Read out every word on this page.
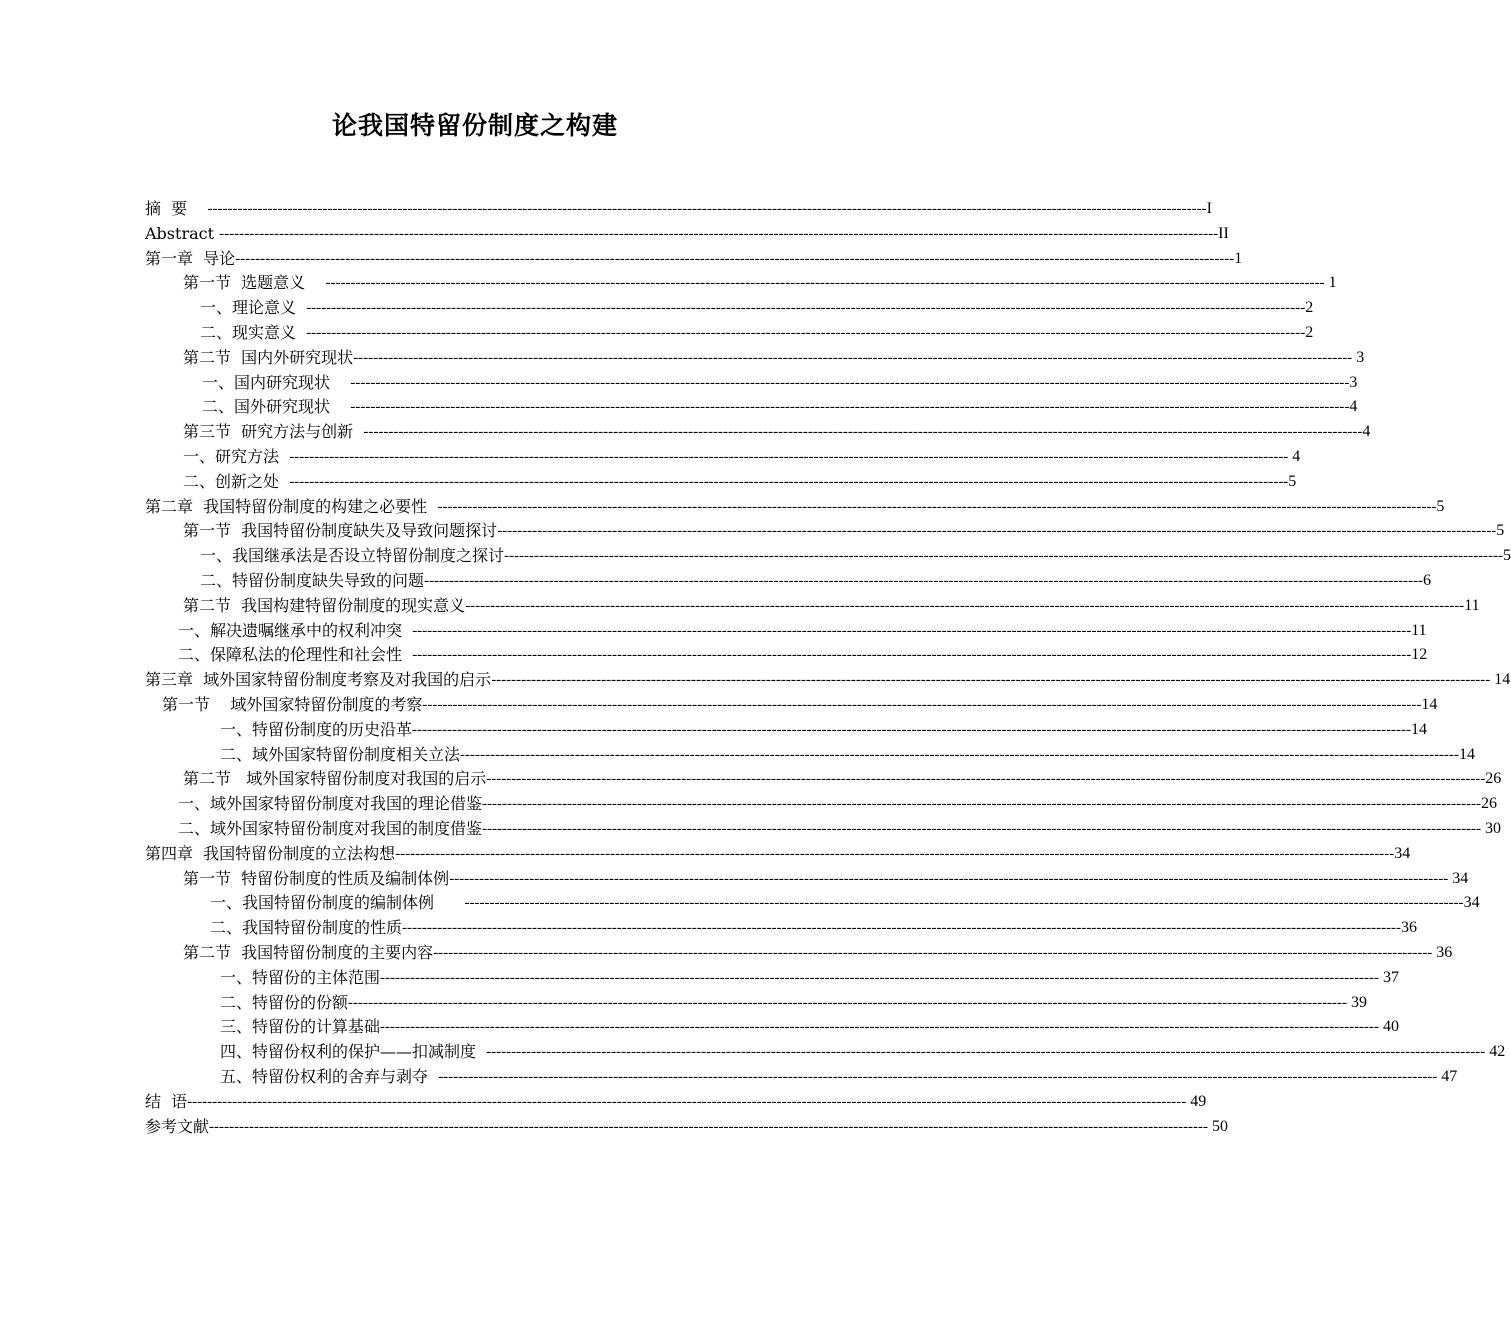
论我国特留份制度之构建
摘  要 -------------------------------------------------------------------------------------------------------------------------------------------------------------------------------------------------------- I
Abstract -------------------------------------------------------------------------------------------------------------------------------------------------------------------------------------------------------- II
第一章  导论 -------------------------------------------------------------------------------------------------------------------------------------------------------------------------------------------------------- 1
第一节  选题意义 -------------------------------------------------------------------------------------------------------------------------------------------------------------------------------------------------------- 1
一、理论意义 -------------------------------------------------------------------------------------------------------------------------------------------------------------------------------------------------------- 2
二、现实意义 -------------------------------------------------------------------------------------------------------------------------------------------------------------------------------------------------------- 2
第二节  国内外研究现状 -------------------------------------------------------------------------------------------------------------------------------------------------------------------------------------------------------- 3
一、国内研究现状 -------------------------------------------------------------------------------------------------------------------------------------------------------------------------------------------------------- 3
二、国外研究现状 -------------------------------------------------------------------------------------------------------------------------------------------------------------------------------------------------------- 4
第三节  研究方法与创新 -------------------------------------------------------------------------------------------------------------------------------------------------------------------------------------------------------- 4
一、研究方法 -------------------------------------------------------------------------------------------------------------------------------------------------------------------------------------------------------- 4
二、创新之处 -------------------------------------------------------------------------------------------------------------------------------------------------------------------------------------------------------- 5
第二章  我国特留份制度的构建之必要性 -------------------------------------------------------------------------------------------------------------------------------------------------------------------------------------------------------- 5
第一节  我国特留份制度缺失及导致问题探讨 -------------------------------------------------------------------------------------------------------------------------------------------------------------------------------------------------------- 5
一、我国继承法是否设立特留份制度之探讨 -------------------------------------------------------------------------------------------------------------------------------------------------------------------------------------------------------- 5
二、特留份制度缺失导致的问题 -------------------------------------------------------------------------------------------------------------------------------------------------------------------------------------------------------- 6
第二节  我国构建特留份制度的现实意义 -------------------------------------------------------------------------------------------------------------------------------------------------------------------------------------------------------- 11
一、解决遗嘱继承中的权利冲突 -------------------------------------------------------------------------------------------------------------------------------------------------------------------------------------------------------- 11
二、保障私法的伦理性和社会性 -------------------------------------------------------------------------------------------------------------------------------------------------------------------------------------------------------- 12
第三章  域外国家特留份制度考察及对我国的启示 -------------------------------------------------------------------------------------------------------------------------------------------------------------------------------------------------------- 14
第一节    域外国家特留份制度的考察 -------------------------------------------------------------------------------------------------------------------------------------------------------------------------------------------------------- 14
一、特留份制度的历史沿革 -------------------------------------------------------------------------------------------------------------------------------------------------------------------------------------------------------- 14
二、域外国家特留份制度相关立法 -------------------------------------------------------------------------------------------------------------------------------------------------------------------------------------------------------- 14
第二节   域外国家特留份制度对我国的启示 -------------------------------------------------------------------------------------------------------------------------------------------------------------------------------------------------------- 26
一、域外国家特留份制度对我国的理论借鉴 -------------------------------------------------------------------------------------------------------------------------------------------------------------------------------------------------------- 26
二、域外国家特留份制度对我国的制度借鉴 -------------------------------------------------------------------------------------------------------------------------------------------------------------------------------------------------------- 30
第四章  我国特留份制度的立法构想 -------------------------------------------------------------------------------------------------------------------------------------------------------------------------------------------------------- 34
第一节  特留份制度的性质及编制体例 -------------------------------------------------------------------------------------------------------------------------------------------------------------------------------------------------------- 34
一、我国特留份制度的编制体例 -------------------------------------------------------------------------------------------------------------------------------------------------------------------------------------------------------- 34
二、我国特留份制度的性质 -------------------------------------------------------------------------------------------------------------------------------------------------------------------------------------------------------- 36
第二节  我国特留份制度的主要内容 -------------------------------------------------------------------------------------------------------------------------------------------------------------------------------------------------------- 36
一、特留份的主体范围 -------------------------------------------------------------------------------------------------------------------------------------------------------------------------------------------------------- 37
二、特留份的份额 -------------------------------------------------------------------------------------------------------------------------------------------------------------------------------------------------------- 39
三、特留份的计算基础 -------------------------------------------------------------------------------------------------------------------------------------------------------------------------------------------------------- 40
四、特留份权利的保护——扣减制度 -------------------------------------------------------------------------------------------------------------------------------------------------------------------------------------------------------- 42
五、特留份权利的舍弃与剥夺 -------------------------------------------------------------------------------------------------------------------------------------------------------------------------------------------------------- 47
结  语 -------------------------------------------------------------------------------------------------------------------------------------------------------------------------------------------------------- 49
参考文献 -------------------------------------------------------------------------------------------------------------------------------------------------------------------------------------------------------- 50
